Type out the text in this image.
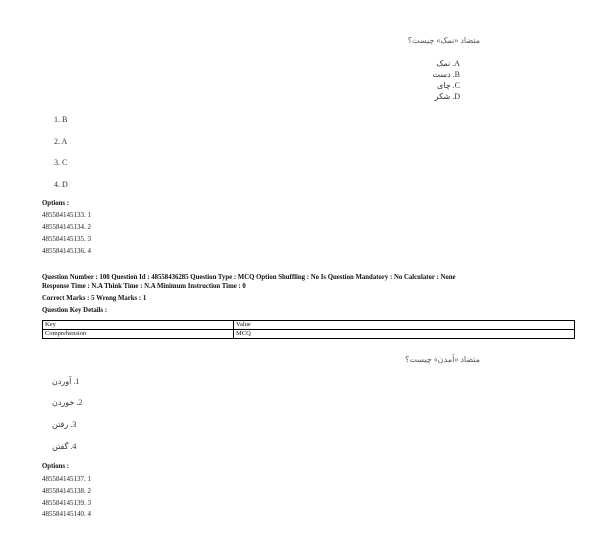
متضاد «نمک» چیست؟
A. نمک
B. دست
C. چای
D. شکر
1. B
2. A
3. C
4. D
Options :
485584145133. 1
485584145134. 2
485584145135. 3
485584145136. 4
Question Number : 100 Question Id : 48558436285 Question Type : MCQ Option Shuffling : No Is Question Mandatory : No Calculator : None
Response Time : N.A Think Time : N.A Minimum Instruction Time : 0
Correct Marks : 5 Wrong Marks : 1
Question Key Details :
Key	Value
Comprehension	MCQ
متضاد «آمدن» چیست؟
1. آوردن
2. خوردن
3. رفتن
4. گفتن
Options :
485584145137. 1
485584145138. 2
485584145139. 3
485584145140. 4
